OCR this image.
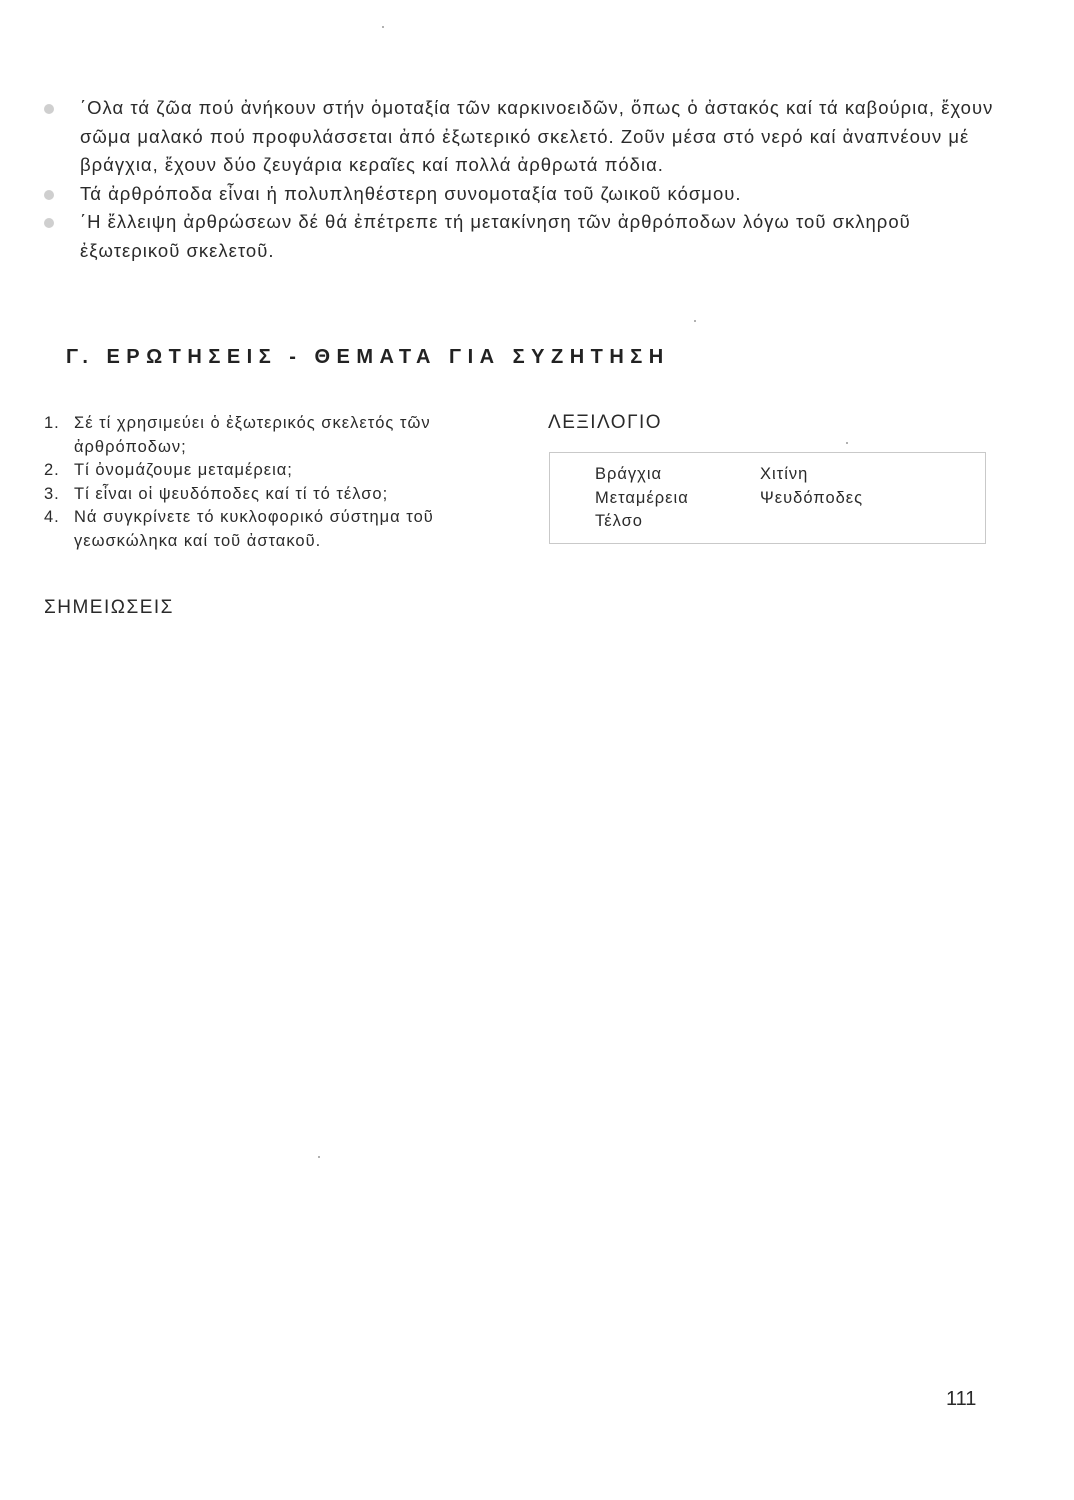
΄Ολα τά ζῶα πού ἀνήκουν στήν ὁμοταξία τῶν καρκινοειδῶν, ὅπως ὁ ἀστακός καί τά καβούρια, ἔχουν σῶμα μαλακό πού προφυλάσσεται ἀπό ἐξωτερικό σκελετό. Ζοῦν μέσα στό νερό καί ἀναπνέουν μέ βράγχια, ἔχουν δύο ζευγάρια κεραῖες καί πολλά ἀρθρωτά πόδια.

Τά ἀρθρόποδα εἶναι ἡ πολυπληθέστερη συνομοταξία τοῦ ζωικοῦ κόσμου.

΄Η ἔλλειψη ἀρθρώσεων δέ θά ἐπέτρεπε τή μετακίνηση τῶν ἀρθρόποδων λόγω τοῦ σκληροῦ ἐξωτερικοῦ σκελετοῦ.

Γ. ΕΡΩΤΗΣΕΙΣ - ΘΕΜΑΤΑ ΓΙΑ ΣΥΖΗΤΗΣΗ
1. Σέ τί χρησιμεύει ὁ ἐξωτερικός σκελετός τῶν ἀρθρόποδων;
2. Τί ὀνομάζουμε μεταμέρεια;
3. Τί εἶναι οἱ ψευδόποδες καί τί τό τέλσο;
4. Νά συγκρίνετε τό κυκλοφορικό σύστημα τοῦ γεωσκώληκα καί τοῦ ἀστακοῦ.
ΛΕΞΙΛΟΓΙΟ
Βράγχια
Μεταμέρεια
Τέλσο
Χιτίνη
Ψευδόποδες
ΣΗΜΕΙΩΣΕΙΣ
111
